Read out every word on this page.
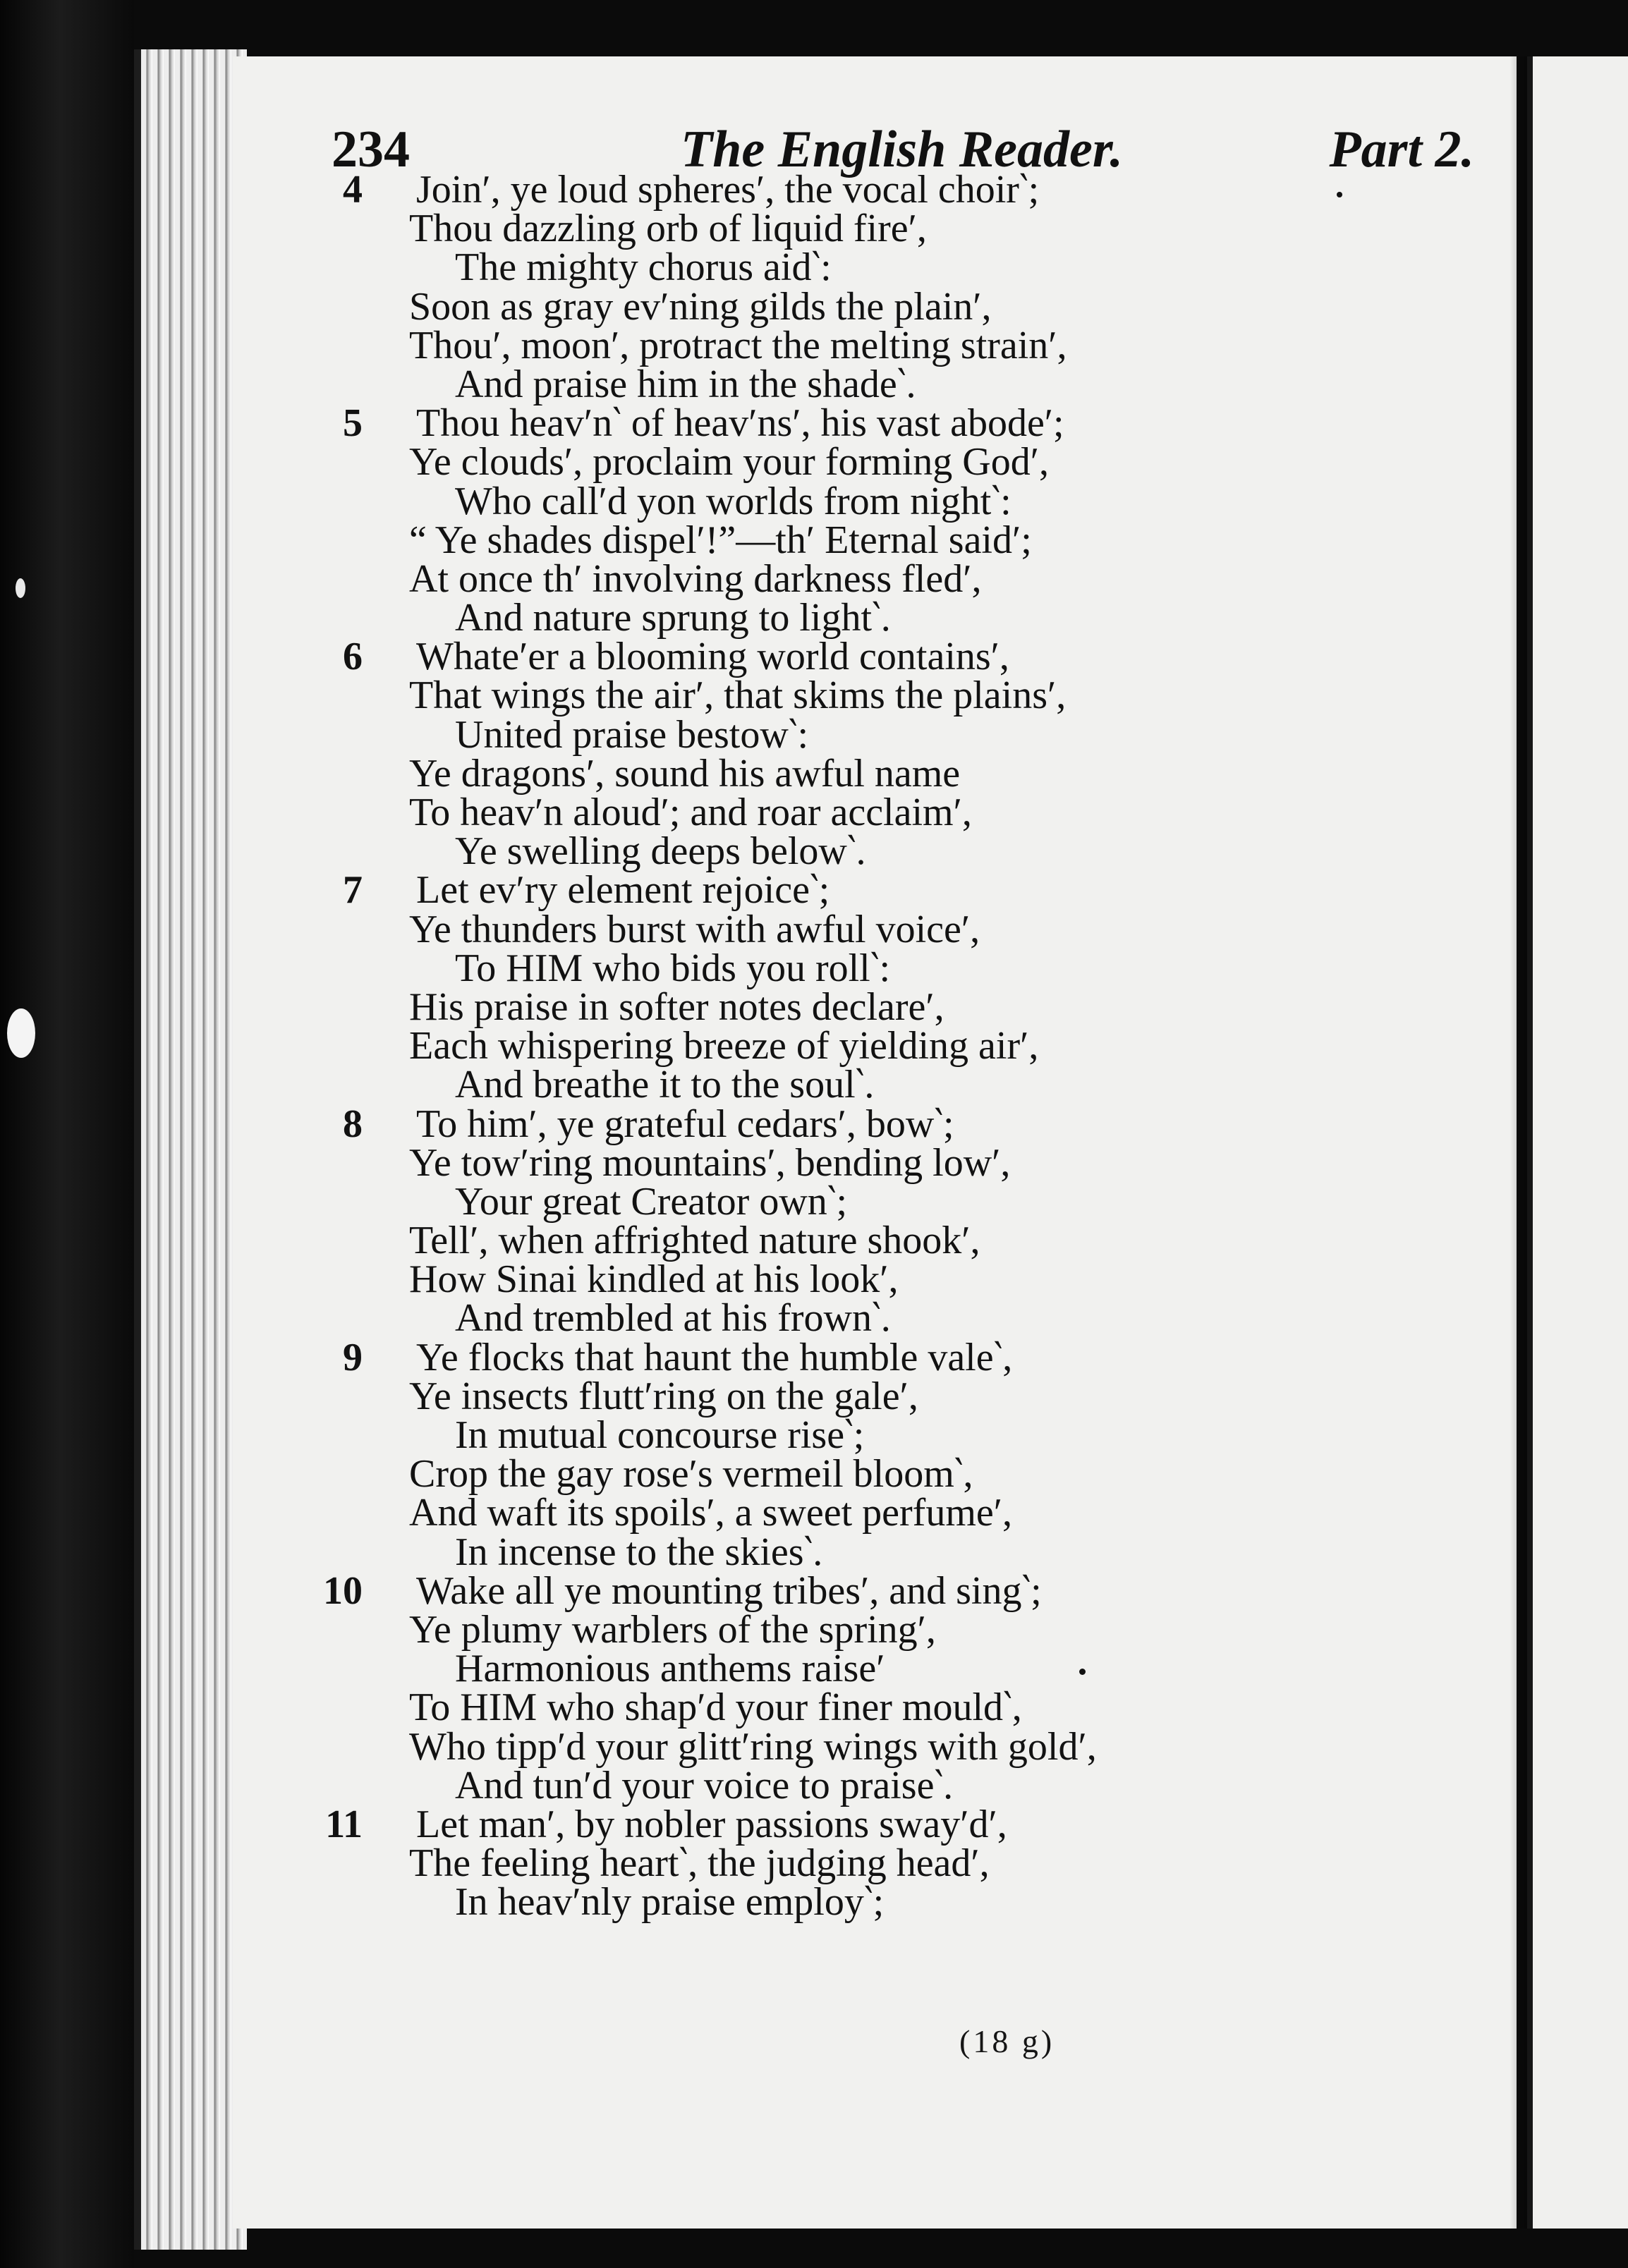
234	The English Reader.	Part 2.
4 Join′, ye loud spheres′, the vocal choir‵;
Thou dazzling orb of liquid fire′,
The mighty chorus aid‵:
Soon as gray ev′ning gilds the plain′,
Thou′, moon′, protract the melting strain′,
And praise him in the shade‵.
5 Thou heav′n‵ of heav′ns′, his vast abode′;
Ye clouds′, proclaim your forming God′,
Who call′d yon worlds from night‵:
“ Ye shades dispel′!”—th′ Eternal said′;
At once th′ involving darkness fled′,
And nature sprung to light‵.
6 Whate′er a blooming world contains′,
That wings the air′, that skims the plains′,
United praise bestow‵:
Ye dragons′, sound his awful name
To heav′n aloud′; and roar acclaim′,
Ye swelling deeps below‵.
7 Let ev′ry element rejoice‵;
Ye thunders burst with awful voice′,
To HIM who bids you roll‵:
His praise in softer notes declare′,
Each whispering breeze of yielding air′,
And breathe it to the soul‵.
8 To him′, ye grateful cedars′, bow‵;
Ye tow′ring mountains′, bending low′,
Your great Creator own‵;
Tell′, when affrighted nature shook′,
How Sinai kindled at his look′,
And trembled at his frown‵.
9 Ye flocks that haunt the humble vale‵,
Ye insects flutt′ring on the gale′,
In mutual concourse rise‵;
Crop the gay rose′s vermeil bloom‵,
And waft its spoils′, a sweet perfume′,
In incense to the skies‵.
10 Wake all ye mounting tribes′, and sing‵;
Ye plumy warblers of the spring′,
Harmonious anthems raise′
To HIM who shap′d your finer mould‵,
Who tipp′d your glitt′ring wings with gold′,
And tun′d your voice to praise‵.
11 Let man′, by nobler passions sway′d′,
The feeling heart‵, the judging head′,
In heav′nly praise employ‵;
(18 g)
